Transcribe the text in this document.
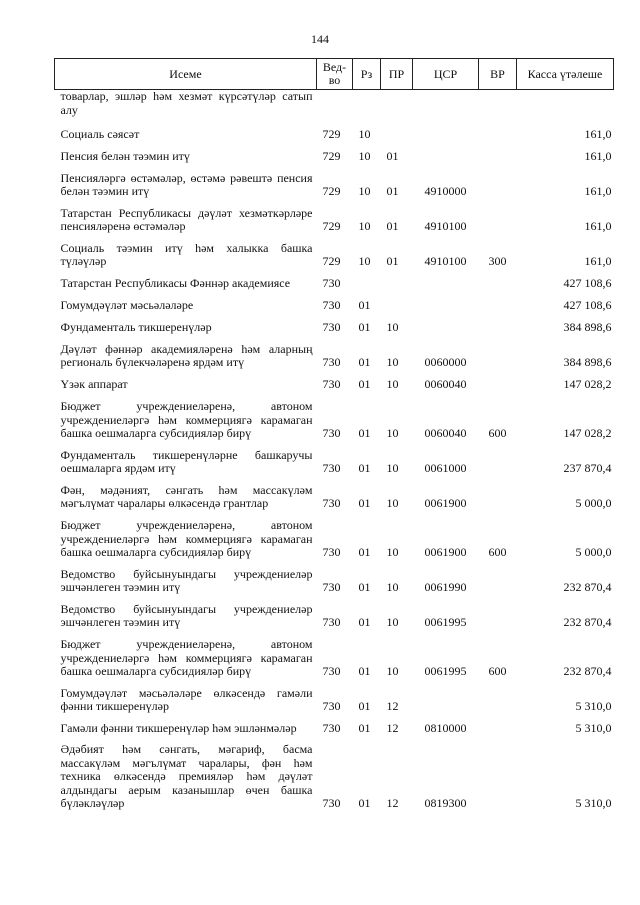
144
Исеме	Вед-во	Рз	ПР	ЦСР	ВР	Касса үтәлеше
товарлар, эшләр һәм хезмәт күрсәтүләр сатып алу						
Социаль сәясәт	729	10				161,0
Пенсия белән тәэмин итү	729	10	01			161,0
Пенсияләргә өстәмәләр, өстәмә рәвештә пенсия белән тәэмин итү	729	10	01	4910000		161,0
Татарстан Республикасы дәүләт хезмәткәрләре пенсияләренә өстәмәләр	729	10	01	4910100		161,0
Социаль тәэмин итү һәм халыкка башка түләүләр	729	10	01	4910100	300	161,0
Татарстан Республикасы Фәннәр академиясе	730					427 108,6
Гомумдәүләт мәсьәләләре	730	01				427 108,6
Фундаменталь тикшеренүләр	730	01	10			384 898,6
Дәүләт фәннәр академияләренә һәм аларның региональ бүлекчәләренә ярдәм итү	730	01	10	0060000		384 898,6
Үзәк аппарат	730	01	10	0060040		147 028,2
Бюджет учреждениеләренә, автоном учреждениеләргә һәм коммерциягә карамаган башка оешмаларга субсидияләр бирү	730	01	10	0060040	600	147 028,2
Фундаменталь тикшеренүләрне башкаручы оешмаларга ярдәм итү	730	01	10	0061000		237 870,4
Фән, мәдәният, сәнгать һәм массакүләм мәгълүмат чаралары өлкәсендә грантлар	730	01	10	0061900		5 000,0
Бюджет учреждениеләренә, автоном учреждениеләргә һәм коммерциягә карамаган башка оешмаларга субсидияләр бирү	730	01	10	0061900	600	5 000,0
Ведомство буйсынуындагы учреждениеләр эшчәнлеген тәэмин итү	730	01	10	0061990		232 870,4
Ведомство буйсынуындагы учреждениеләр эшчәнлеген тәэмин итү	730	01	10	0061995		232 870,4
Бюджет учреждениеләренә, автоном учреждениеләргә һәм коммерциягә карамаган башка оешмаларга субсидияләр бирү	730	01	10	0061995	600	232 870,4
Гомумдәүләт мәсьәләләре өлкәсендә гамәли фәнни тикшеренүләр	730	01	12			5 310,0
Гамәли фәнни тикшеренүләр һәм эшләнмәләр	730	01	12	0810000		5 310,0
Әдәбият һәм сәнгать, мәгариф, басма массакүләм мәгълүмат чаралары, фән һәм техника өлкәсендә премияләр һәм дәүләт алдындагы аерым казанышлар өчен башка бүләкләүләр	730	01	12	0819300		5 310,0
